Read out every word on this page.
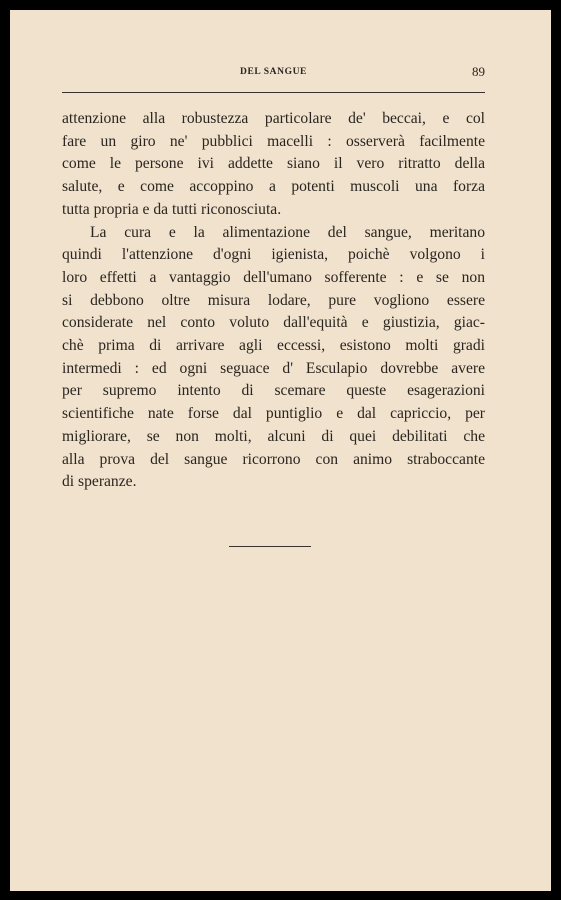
DEL SANGUE	89

attenzione alla robustezza particolare de' beccai, e col
fare un giro ne' pubblici macelli : osserverà facilmente
come le persone ivi addette siano il vero ritratto della
salute, e come accoppino a potenti muscoli una forza
tutta propria e da tutti riconosciuta.

La cura e la alimentazione del sangue, meritano
quindi l'attenzione d'ogni igienista, poichè volgono i
loro effetti a vantaggio dell'umano sofferente : e se non
si debbono oltre misura lodare, pure vogliono essere
considerate nel conto voluto dall'equità e giustizia, giac-
chè prima di arrivare agli eccessi, esistono molti gradi
intermedi : ed ogni seguace d' Esculapio dovrebbe avere
per supremo intento di scemare queste esagerazioni
scientifiche nate forse dal puntiglio e dal capriccio, per
migliorare, se non molti, alcuni di quei debilitati che
alla prova del sangue ricorrono con animo straboccante
di speranze.
